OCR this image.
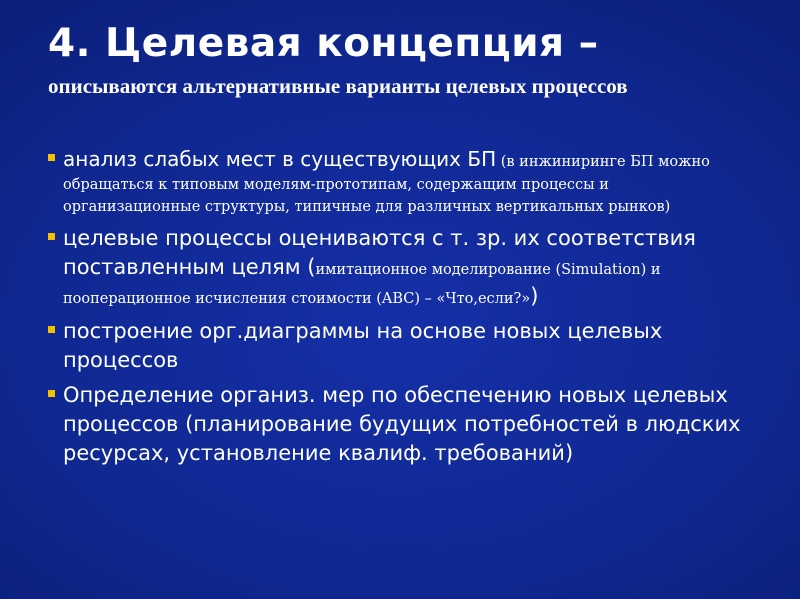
4. Целевая концепция –
описываются альтернативные варианты целевых процессов
анализ слабых мест в существующих БП (в инжиниринге БП можно обращаться к типовым моделям-прототипам, содержащим процессы и организационные структуры, типичные для различных вертикальных рынков)
целевые процессы оцениваются с т. зр. их соответствия поставленным целям (имитационное моделирование (Simulation) и пооперационное исчисления стоимости (ABC) – «Что,если?»)
построение орг.диаграммы на основе новых целевых процессов
Определение организ. мер по обеспечению новых целевых процессов (планирование будущих потребностей в людских ресурсах, установление квалиф. требований)
